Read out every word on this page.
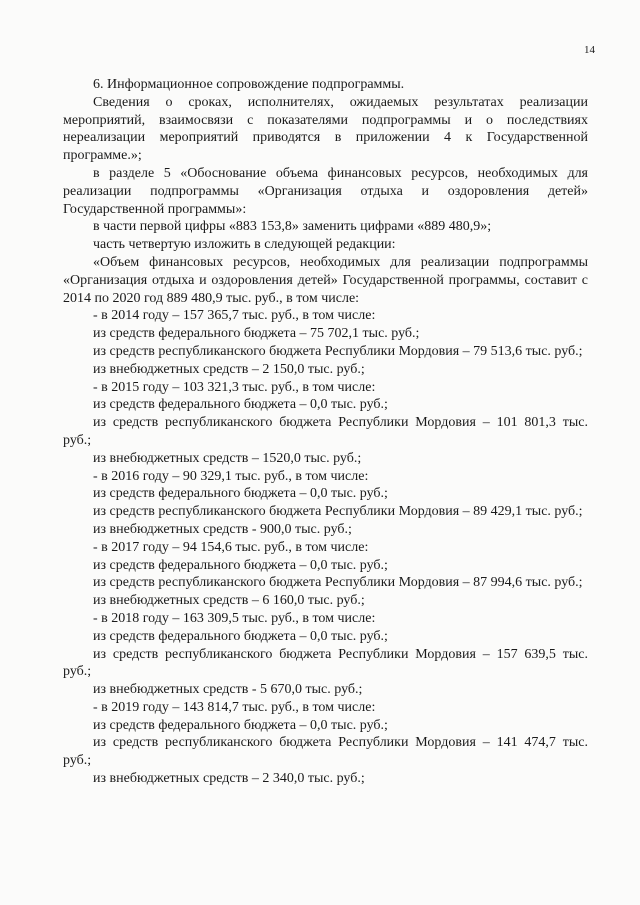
14

6. Информационное сопровождение подпрограммы.

Сведения о сроках, исполнителях, ожидаемых результатах реализации мероприятий, взаимосвязи с показателями подпрограммы и о последствиях нереализации мероприятий приводятся в приложении 4 к Государственной программе.»;

в разделе 5 «Обоснование объема финансовых ресурсов, необходимых для реализации подпрограммы «Организация отдыха и оздоровления детей» Государственной программы»:

в части первой цифры «883 153,8» заменить цифрами «889 480,9»;

часть четвертую изложить в следующей редакции:

«Объем финансовых ресурсов, необходимых для реализации подпрограммы «Организация отдыха и оздоровления детей» Государственной программы, составит с 2014 по 2020 год 889 480,9 тыс. руб., в том числе:

- в 2014 году – 157 365,7 тыс. руб., в том числе:

из средств федерального бюджета – 75 702,1 тыс. руб.;

из средств республиканского бюджета Республики Мордовия – 79 513,6 тыс. руб.;

из внебюджетных средств – 2 150,0 тыс. руб.;

- в 2015 году – 103 321,3 тыс. руб., в том числе:

из средств федерального бюджета – 0,0 тыс. руб.;

из средств республиканского бюджета Республики Мордовия – 101 801,3 тыс. руб.;

из внебюджетных средств – 1520,0 тыс. руб.;

- в 2016 году – 90 329,1 тыс. руб., в том числе:

из средств федерального бюджета – 0,0 тыс. руб.;

из средств республиканского бюджета Республики Мордовия – 89 429,1 тыс. руб.;

из внебюджетных средств - 900,0 тыс. руб.;

- в 2017 году – 94 154,6 тыс. руб., в том числе:

из средств федерального бюджета – 0,0 тыс. руб.;

из средств республиканского бюджета Республики Мордовия – 87 994,6 тыс. руб.;

из внебюджетных средств – 6 160,0 тыс. руб.;

- в 2018 году – 163 309,5 тыс. руб., в том числе:

из средств федерального бюджета – 0,0 тыс. руб.;

из средств республиканского бюджета Республики Мордовия – 157 639,5 тыс. руб.;

из внебюджетных средств - 5 670,0 тыс. руб.;

- в 2019 году – 143 814,7 тыс. руб., в том числе:

из средств федерального бюджета – 0,0 тыс. руб.;

из средств республиканского бюджета Республики Мордовия – 141 474,7 тыс. руб.;

из внебюджетных средств – 2 340,0 тыс. руб.;
